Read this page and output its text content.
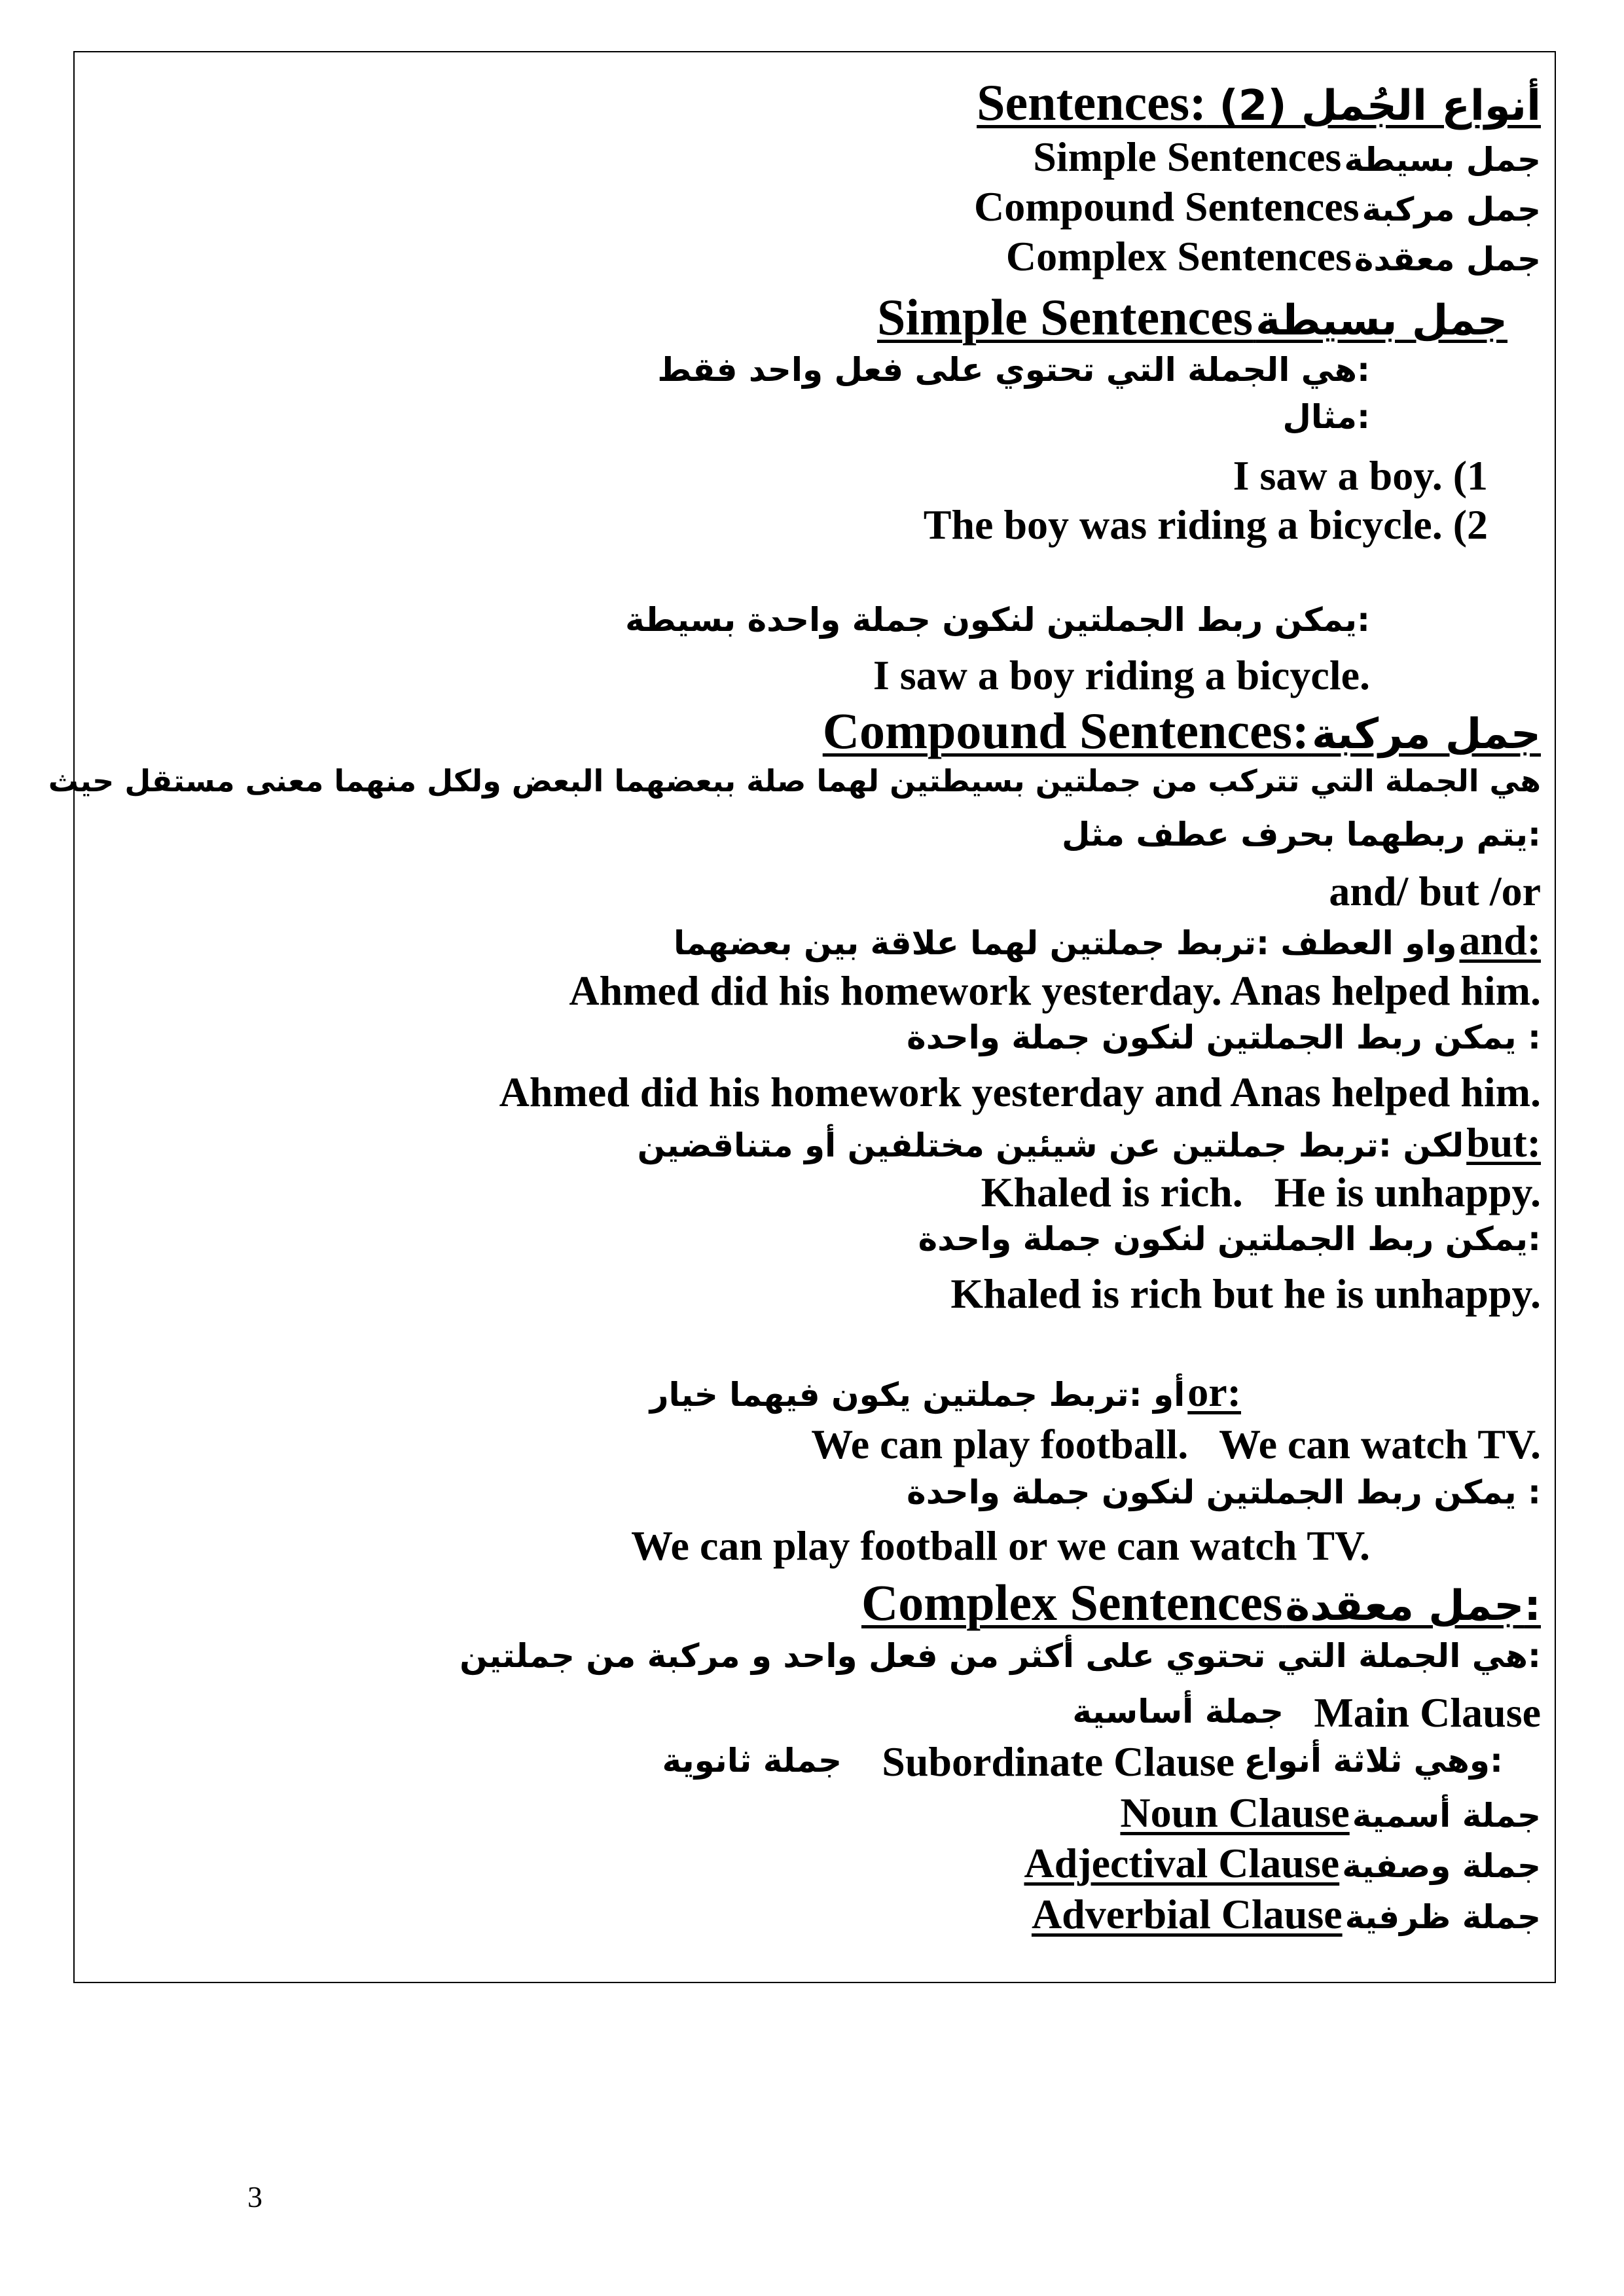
Sentences: (2) أنواع الجُمل
Simple Sentences جمل بسيطة
Compound Sentences جمل مركبة
Complex Sentences جمل معقدة
Simple Sentences جمل بسيطة
هي الجملة التي تحتوي على فعل واحد فقط:
مثال:
I saw a boy. (1
The boy was riding a bicycle. (2
يمكن ربط الجملتين لنكون جملة واحدة بسيطة:
I saw a boy riding a bicycle.
Compound Sentences: جمل مركبة
هي الجملة التي تتركب من جملتين بسيطتين لهما صلة ببعضهما البعض ولكل منهما معنى مستقل حيث
يتم ربطهما بحرف عطف مثل:
and/ but /or
واو العطف :تربط جملتين لهما علاقة بين بعضهما and:
Ahmed did his homework yesterday. Anas helped him.
يمكن ربط الجملتين لنكون جملة واحدة :
Ahmed did his homework yesterday and Anas helped him.
لكن :تربط جملتين عن شيئين مختلفين أو متناقضين but:
Khaled is rich.   He is unhappy.
يمكن ربط الجملتين لنكون جملة واحدة:
Khaled is rich but he is unhappy.
أو :تربط جملتين يكون فيهما خيار or:
We can play football.   We can watch TV.
يمكن ربط الجملتين لنكون جملة واحدة :
We can play football or we can watch TV.
Complex Sentences جمل معقدة:
هي الجملة التي تحتوي على أكثر من فعل واحد و مركبة من جملتين:
Main Clause
جملة أساسية
وهي ثلاثة أنواع:
Subordinate Clause
جملة ثانوية
Noun Clause جملة أسمية
Adjectival Clause جملة وصفية
Adverbial Clause جملة ظرفية
3
